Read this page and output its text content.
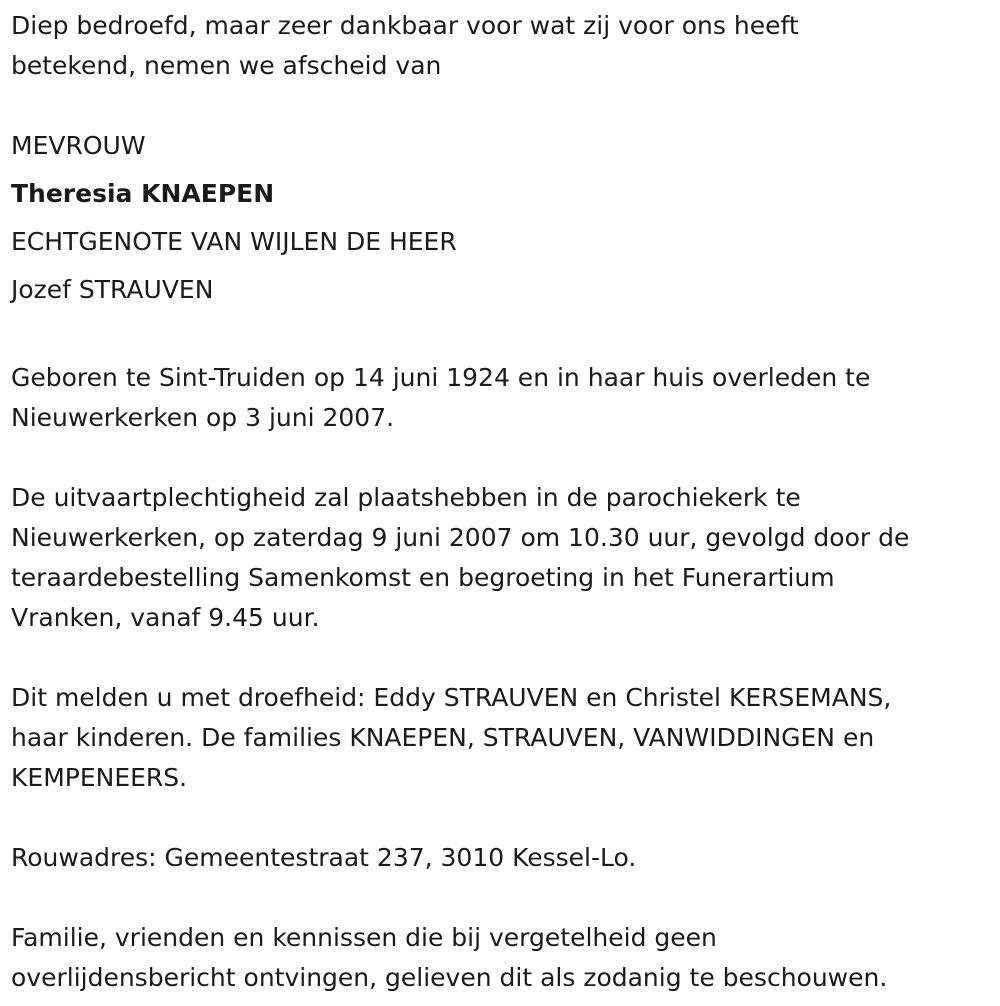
Diep bedroefd, maar zeer dankbaar voor wat zij voor ons heeft
betekend, nemen we afscheid van
MEVROUW
Theresia KNAEPEN
ECHTGENOTE VAN WIJLEN DE HEER
Jozef STRAUVEN
Geboren te Sint-Truiden op 14 juni 1924 en in haar huis overleden te
Nieuwerkerken op 3 juni 2007.
De uitvaartplechtigheid zal plaatshebben in de parochiekerk te
Nieuwerkerken, op zaterdag 9 juni 2007 om 10.30 uur, gevolgd door de
teraardebestelling Samenkomst en begroeting in het Funerartium
Vranken, vanaf 9.45 uur.
Dit melden u met droefheid: Eddy STRAUVEN en Christel KERSEMANS,
haar kinderen. De families KNAEPEN, STRAUVEN, VANWIDDINGEN en
KEMPENEERS.
Rouwadres: Gemeentestraat 237, 3010 Kessel-Lo.
Familie, vrienden en kennissen die bij vergetelheid geen
overlijdensbericht ontvingen, gelieven dit als zodanig te beschouwen.
